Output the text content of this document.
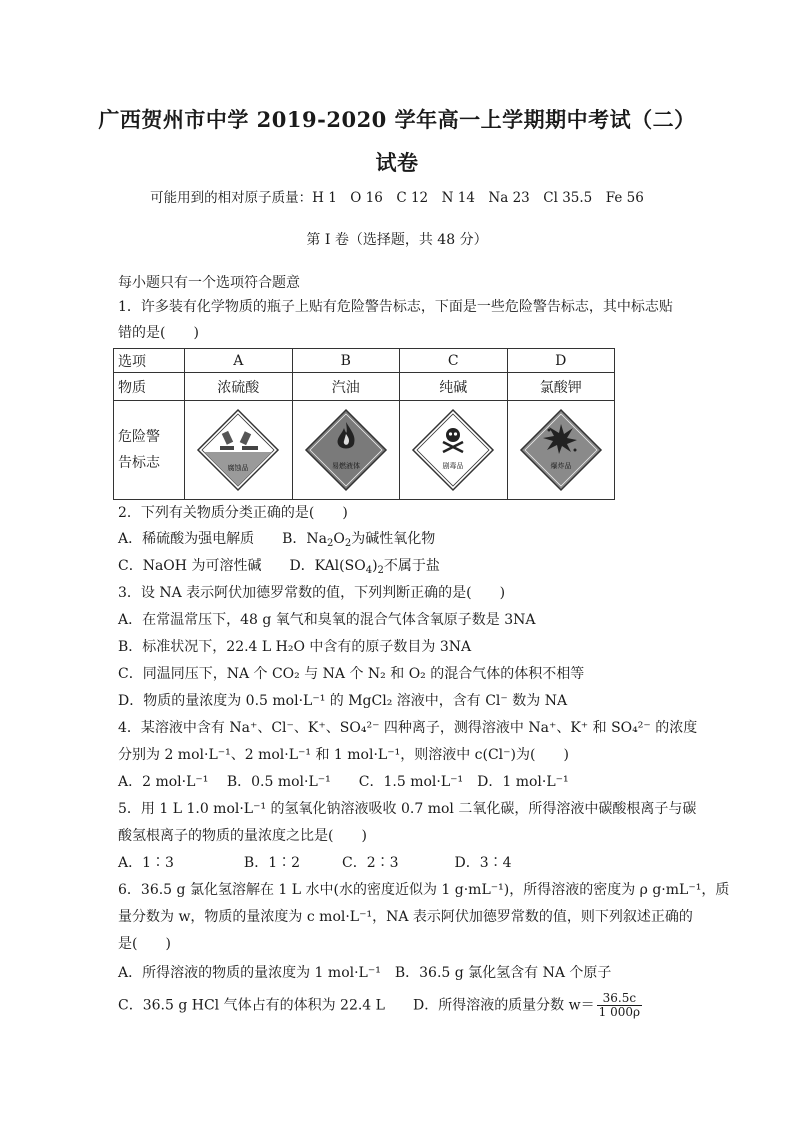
广西贺州市中学 2019-2020 学年高一上学期期中考试（二）
试卷
可能用到的相对原子质量：H 1　O 16　C 12　N 14　Na 23　Cl 35.5　Fe 56
第 I 卷（选择题，共 48 分）
每小题只有一个选项符合题意
1．许多装有化学物质的瓶子上贴有危险警告标志，下面是一些危险警告标志，其中标志贴
错的是(　　)
选项	A	B	C	D
物质	浓硫酸	汽油	纯碱	氯酸钾
危险警告标志	腐蚀品	易燃液体	剧毒品	爆炸品
2．下列有关物质分类正确的是(　　)
A．稀硫酸为强电解质 B．$Na_2O_2$为碱性氧化物
C．NaOH 为可溶性碱 D．$KAl(SO_4)_2$不属于盐
3．设 NA 表示阿伏加德罗常数的值，下列判断正确的是(　　)
A．在常温常压下，48 g 氧气和臭氧的混合气体含氧原子数是 3NA
B．标准状况下，22.4 L H₂O 中含有的原子数目为 3NA
C．同温同压下，NA 个 CO₂ 与 NA 个 N₂ 和 O₂ 的混合气体的体积不相等
D．物质的量浓度为 0.5 mol·L⁻¹ 的 MgCl₂ 溶液中，含有 Cl⁻ 数为 NA
4．某溶液中含有 Na⁺、Cl⁻、K⁺、SO₄²⁻ 四种离子，测得溶液中 Na⁺、K⁺ 和 SO₄²⁻ 的浓度
分别为 2 mol·L⁻¹、2 mol·L⁻¹ 和 1 mol·L⁻¹，则溶液中 c(Cl⁻)为(　　)
A．2 mol·L⁻¹　 B．0.5 mol·L⁻¹　　C．1.5 mol·L⁻¹　D．1 mol·L⁻¹
5．用 1 L 1.0 mol·L⁻¹ 的氢氧化钠溶液吸收 0.7 mol 二氧化碳，所得溶液中碳酸根离子与碳
酸氢根离子的物质的量浓度之比是(　　)
A．1∶3　　　　　B．1∶2　　　C．2∶3　　　　D．3∶4
6．36.5 g 氯化氢溶解在 1 L 水中(水的密度近似为 1 g·mL⁻¹)，所得溶液的密度为 ρ g·mL⁻¹，质
量分数为 w，物质的量浓度为 c mol·L⁻¹，NA 表示阿伏加德罗常数的值，则下列叙述正确的
是(　　)
A．所得溶液的物质的量浓度为 1 mol·L⁻¹　B．36.5 g 氯化氢含有 NA 个原子
C．36.5 g HCl 气体占有的体积为 22.4 L　　D．所得溶液的质量分数 $w= \frac{36.5c}{1 000\rho}$
